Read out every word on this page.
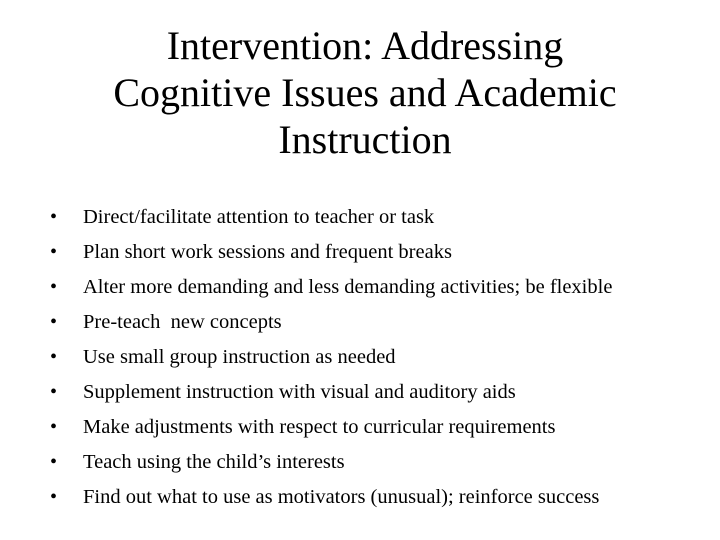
Intervention: Addressing
Cognitive Issues and Academic
Instruction
•	Direct/facilitate attention to teacher or task
•	Plan short work sessions and frequent breaks
•	Alter more demanding and less demanding activities; be flexible
•	Pre-teach  new concepts
•	Use small group instruction as needed
•	Supplement instruction with visual and auditory aids
•	Make adjustments with respect to curricular requirements
•	Teach using the child’s interests
•	Find out what to use as motivators (unusual); reinforce success
